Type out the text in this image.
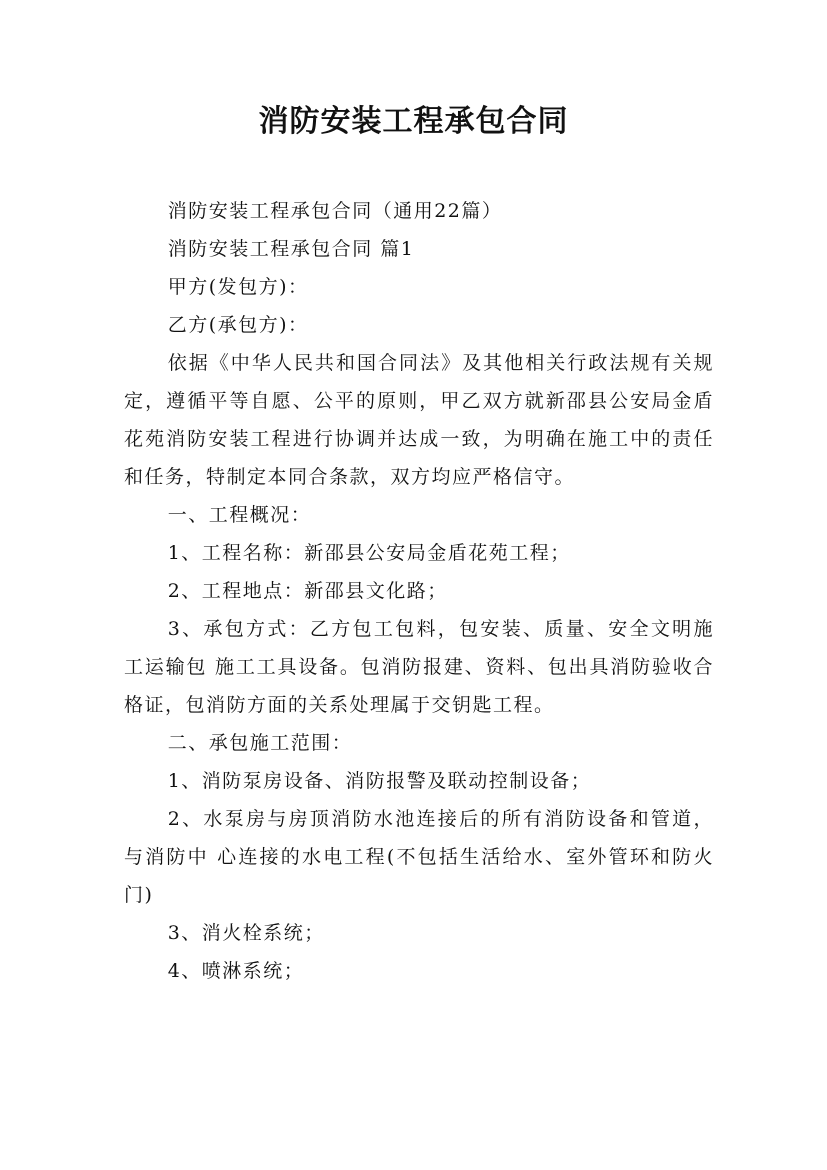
消防安装工程承包合同

消防安装工程承包合同（通用22篇）

消防安装工程承包合同 篇1

甲方(发包方)：

乙方(承包方)：

依据《中华人民共和国合同法》及其他相关行政法规有关规定，遵循平等自愿、公平的原则，甲乙双方就新邵县公安局金盾花苑消防安装工程进行协调并达成一致，为明确在施工中的责任和任务，特制定本同合条款，双方均应严格信守。

一、工程概况：

1、工程名称：新邵县公安局金盾花苑工程；

2、工程地点：新邵县文化路；

3、承包方式：乙方包工包料，包安装、质量、安全文明施工运输包 施工工具设备。包消防报建、资料、包出具消防验收合格证，包消防方面的关系处理属于交钥匙工程。

二、承包施工范围：

1、消防泵房设备、消防报警及联动控制设备；

2、水泵房与房顶消防水池连接后的所有消防设备和管道，与消防中 心连接的水电工程(不包括生活给水、室外管环和防火门)

3、消火栓系统；

4、喷淋系统；
